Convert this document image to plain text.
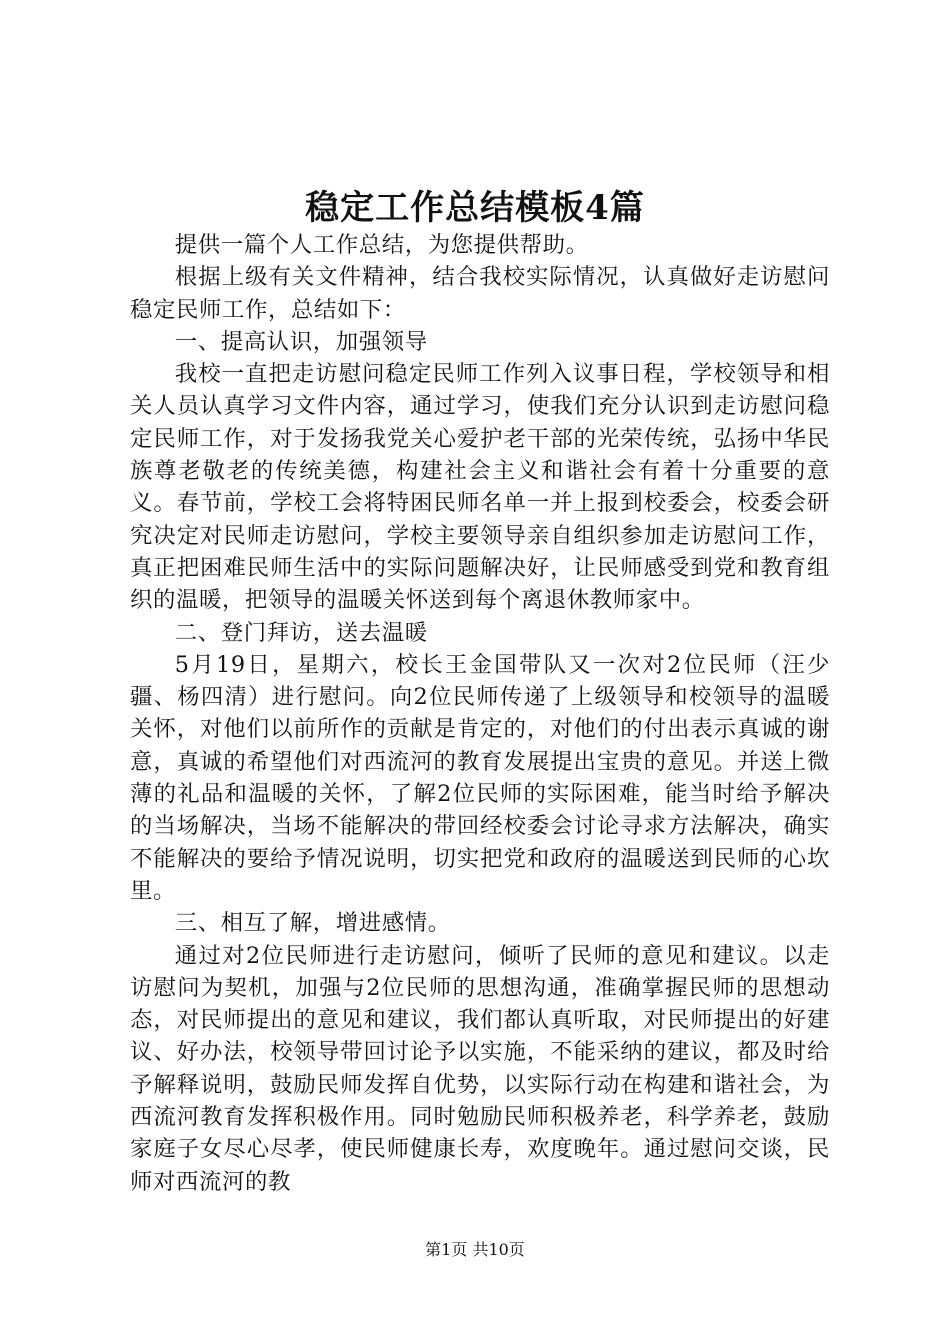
稳定工作总结模板4篇

提供一篇个人工作总结，为您提供帮助。

根据上级有关文件精神，结合我校实际情况，认真做好走访慰问稳定民师工作，总结如下：

一、提高认识，加强领导

我校一直把走访慰问稳定民师工作列入议事日程，学校领导和相关人员认真学习文件内容，通过学习，使我们充分认识到走访慰问稳定民师工作，对于发扬我党关心爱护老干部的光荣传统，弘扬中华民族尊老敬老的传统美德，构建社会主义和谐社会有着十分重要的意义。春节前，学校工会将特困民师名单一并上报到校委会，校委会研究决定对民师走访慰问，学校主要领导亲自组织参加走访慰问工作，真正把困难民师生活中的实际问题解决好，让民师感受到党和教育组织的温暖，把领导的温暖关怀送到每个离退休教师家中。

二、登门拜访，送去温暖

5月19日，星期六，校长王金国带队又一次对2位民师（汪少疆、杨四清）进行慰问。向2位民师传递了上级领导和校领导的温暖关怀，对他们以前所作的贡献是肯定的，对他们的付出表示真诚的谢意，真诚的希望他们对西流河的教育发展提出宝贵的意见。并送上微薄的礼品和温暖的关怀，了解2位民师的实际困难，能当时给予解决的当场解决，当场不能解决的带回经校委会讨论寻求方法解决，确实不能解决的要给予情况说明，切实把党和政府的温暖送到民师的心坎里。

三、相互了解，增进感情。

通过对2位民师进行走访慰问，倾听了民师的意见和建议。以走访慰问为契机，加强与2位民师的思想沟通，准确掌握民师的思想动态，对民师提出的意见和建议，我们都认真听取，对民师提出的好建议、好办法，校领导带回讨论予以实施，不能采纳的建议，都及时给予解释说明，鼓励民师发挥自优势，以实际行动在构建和谐社会，为西流河教育发挥积极作用。同时勉励民师积极养老，科学养老，鼓励家庭子女尽心尽孝，使民师健康长寿，欢度晚年。通过慰问交谈，民师对西流河的教

第1页 共10页
